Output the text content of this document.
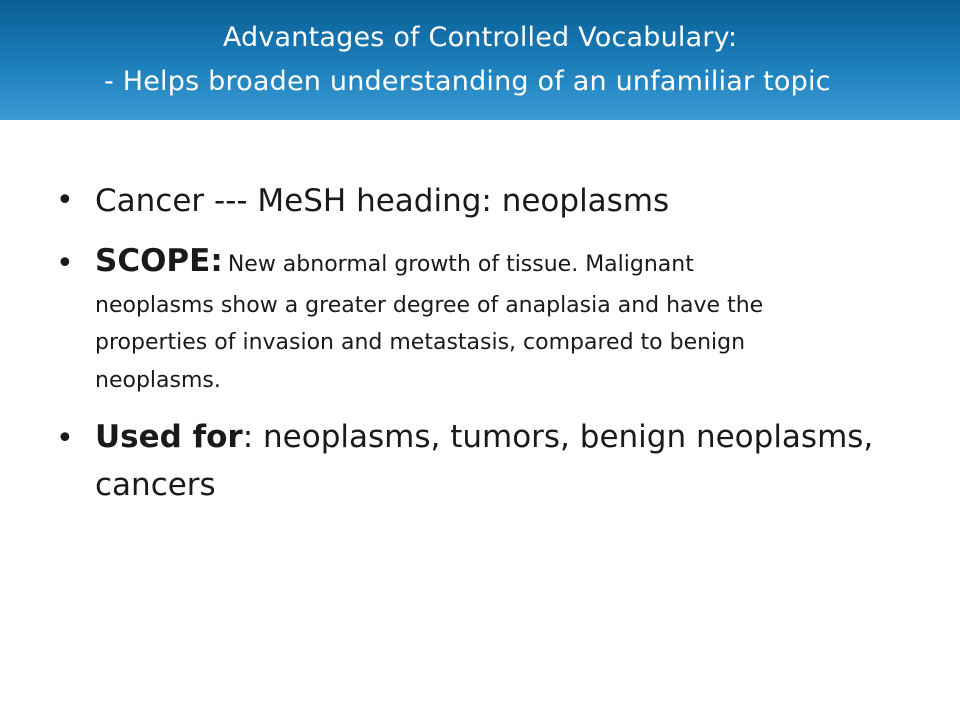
Advantages of Controlled Vocabulary:
- Helps broaden understanding of an unfamiliar topic
• Cancer --- MeSH heading: neoplasms
• SCOPE: New abnormal growth of tissue. Malignant
neoplasms show a greater degree of anaplasia and have the
properties of invasion and metastasis, compared to benign
neoplasms.
• Used for: neoplasms, tumors, benign neoplasms,
cancers
